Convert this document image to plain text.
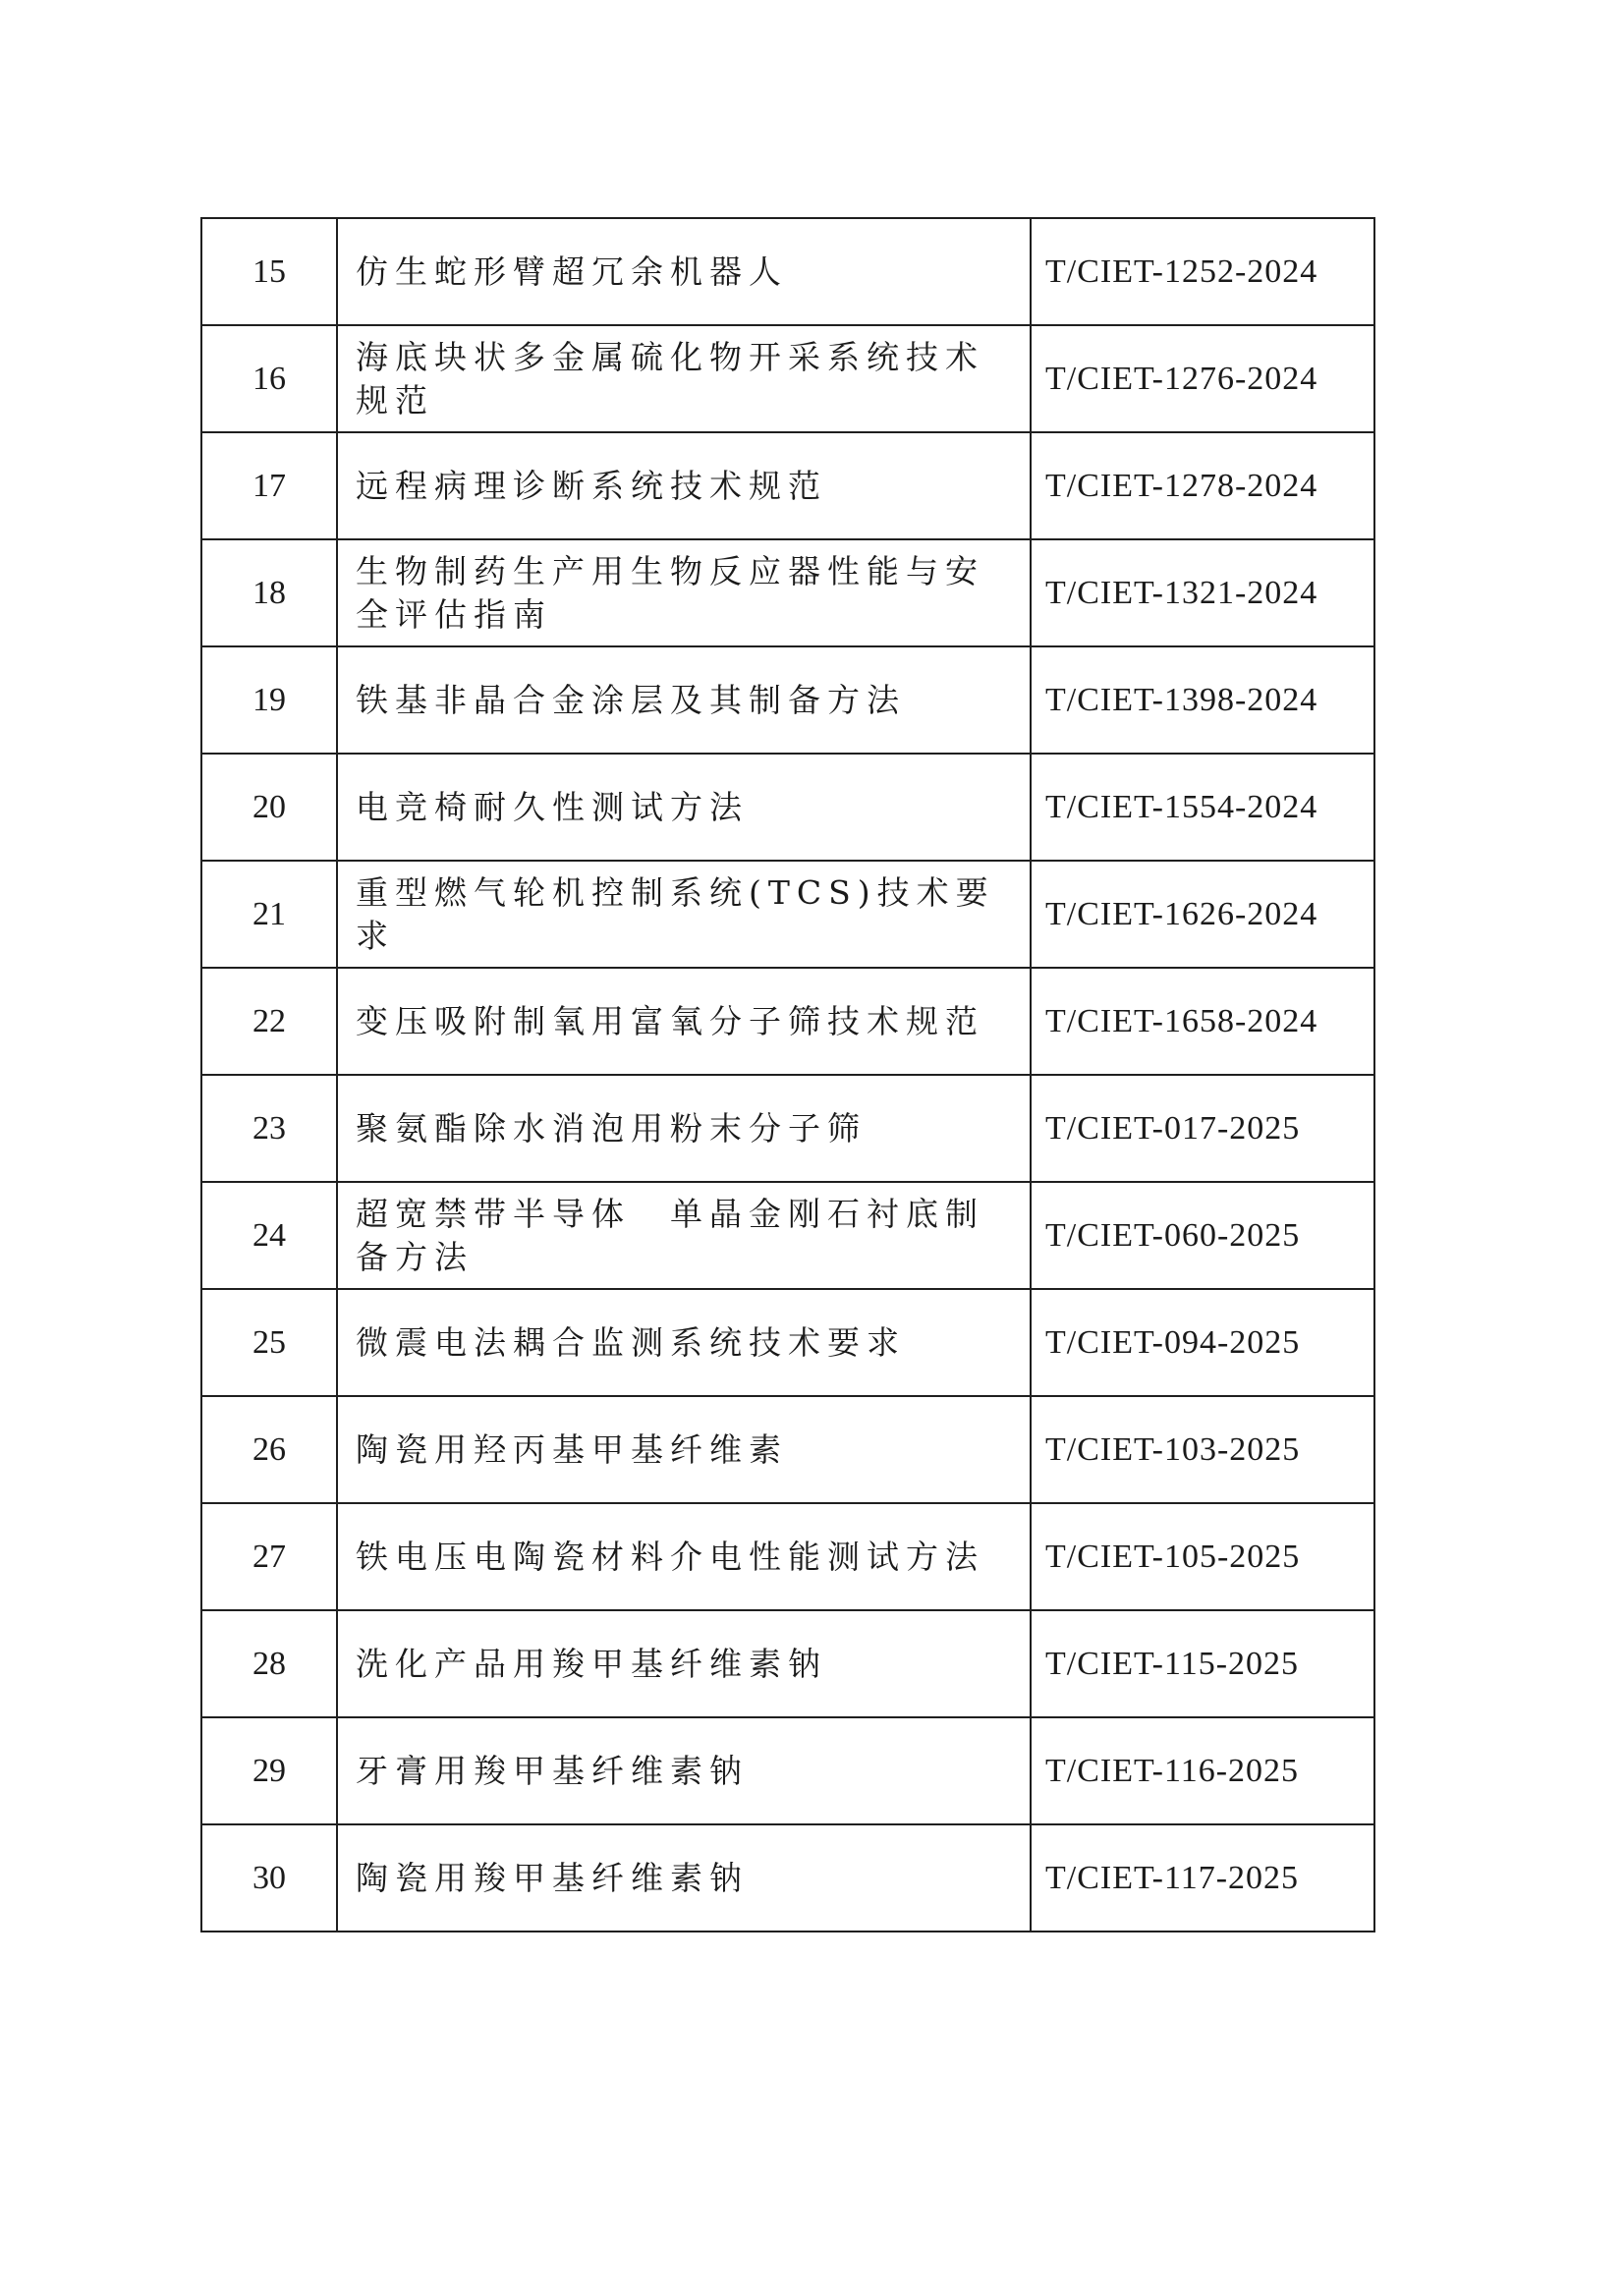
15	仿生蛇形臂超冗余机器人	T/CIET-1252-2024
16	海底块状多金属硫化物开采系统技术规范	T/CIET-1276-2024
17	远程病理诊断系统技术规范	T/CIET-1278-2024
18	生物制药生产用生物反应器性能与安全评估指南	T/CIET-1321-2024
19	铁基非晶合金涂层及其制备方法	T/CIET-1398-2024
20	电竞椅耐久性测试方法	T/CIET-1554-2024
21	重型燃气轮机控制系统(TCS)技术要求	T/CIET-1626-2024
22	变压吸附制氧用富氧分子筛技术规范	T/CIET-1658-2024
23	聚氨酯除水消泡用粉末分子筛	T/CIET-017-2025
24	超宽禁带半导体　单晶金刚石衬底制备方法	T/CIET-060-2025
25	微震电法耦合监测系统技术要求	T/CIET-094-2025
26	陶瓷用羟丙基甲基纤维素	T/CIET-103-2025
27	铁电压电陶瓷材料介电性能测试方法	T/CIET-105-2025
28	洗化产品用羧甲基纤维素钠	T/CIET-115-2025
29	牙膏用羧甲基纤维素钠	T/CIET-116-2025
30	陶瓷用羧甲基纤维素钠	T/CIET-117-2025
